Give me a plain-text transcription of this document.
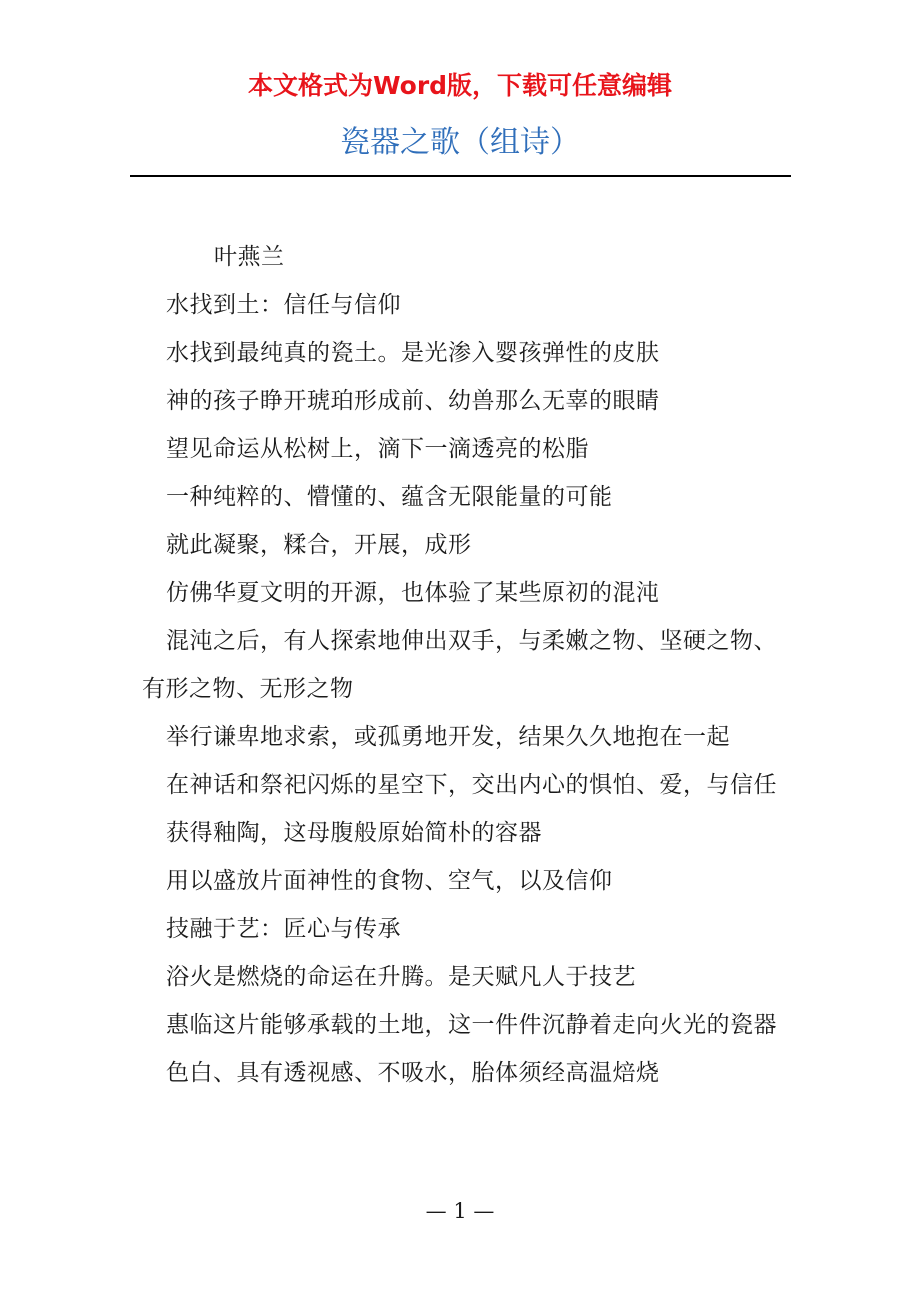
本文格式为Word版，下载可任意编辑
瓷器之歌（组诗）

叶燕兰

水找到土：信任与信仰

水找到最纯真的瓷土。是光渗入婴孩弹性的皮肤

神的孩子睁开琥珀形成前、幼兽那么无辜的眼睛

望见命运从松树上，滴下一滴透亮的松脂

一种纯粹的、懵懂的、蕴含无限能量的可能

就此凝聚，糅合，开展，成形

仿佛华夏文明的开源，也体验了某些原初的混沌

混沌之后，有人探索地伸出双手，与柔嫩之物、坚硬之物、有形之物、无形之物

举行谦卑地求索，或孤勇地开发，结果久久地抱在一起

在神话和祭祀闪烁的星空下，交出内心的惧怕、爱，与信任

获得釉陶，这母腹般原始简朴的容器

用以盛放片面神性的食物、空气，以及信仰

技融于艺：匠心与传承

浴火是燃烧的命运在升腾。是天赋凡人于技艺

惠临这片能够承载的土地，这一件件沉静着走向火光的瓷器

色白、具有透视感、不吸水，胎体须经高温焙烧

— 1 —
